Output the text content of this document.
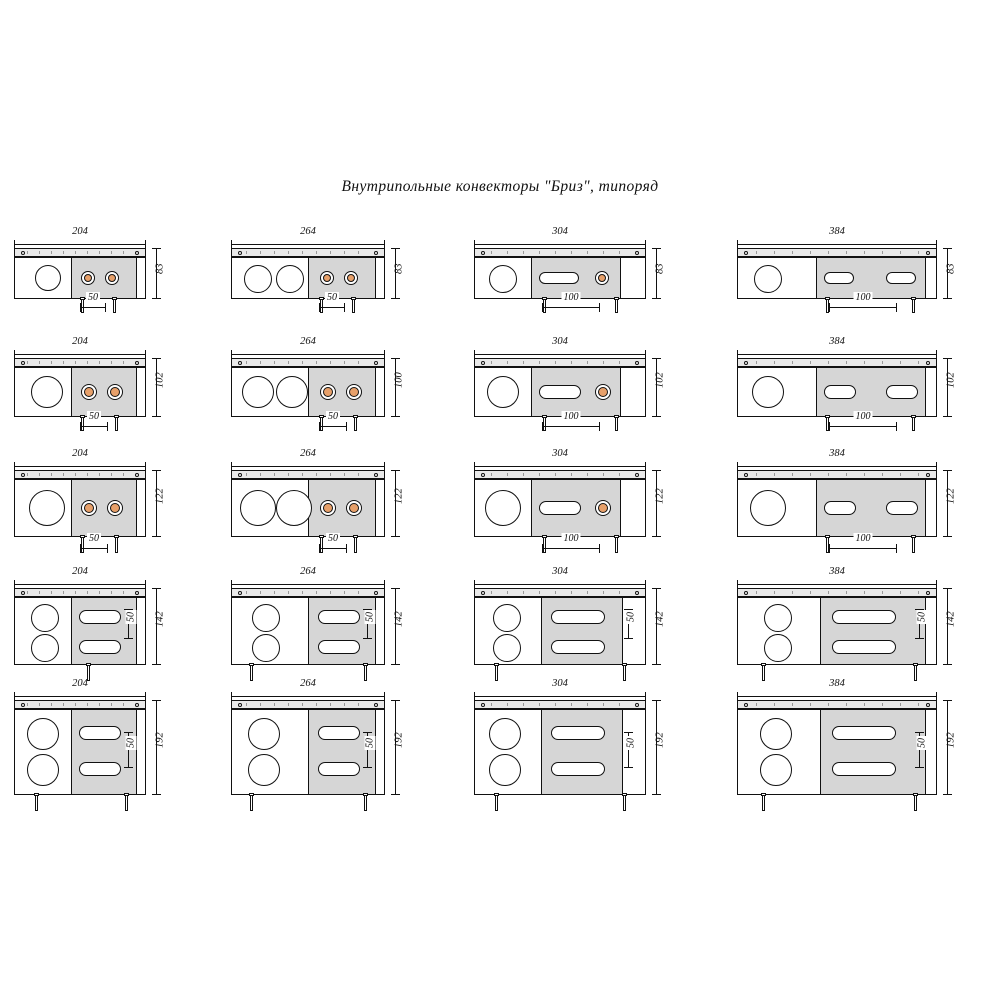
Внутрипольные конвекторы "Бриз", типоряд
204
50
83
264
50
83
304
100
83
384
100
83
204
50
102
264
50
100
304
100
102
384
100
102
204
50
122
264
50
122
304
100
122
384
100
122
204
50 142
264
50 142
304
50 142
384
50 142
204
50 192
264
50 192
304
50 192
384
50 192
